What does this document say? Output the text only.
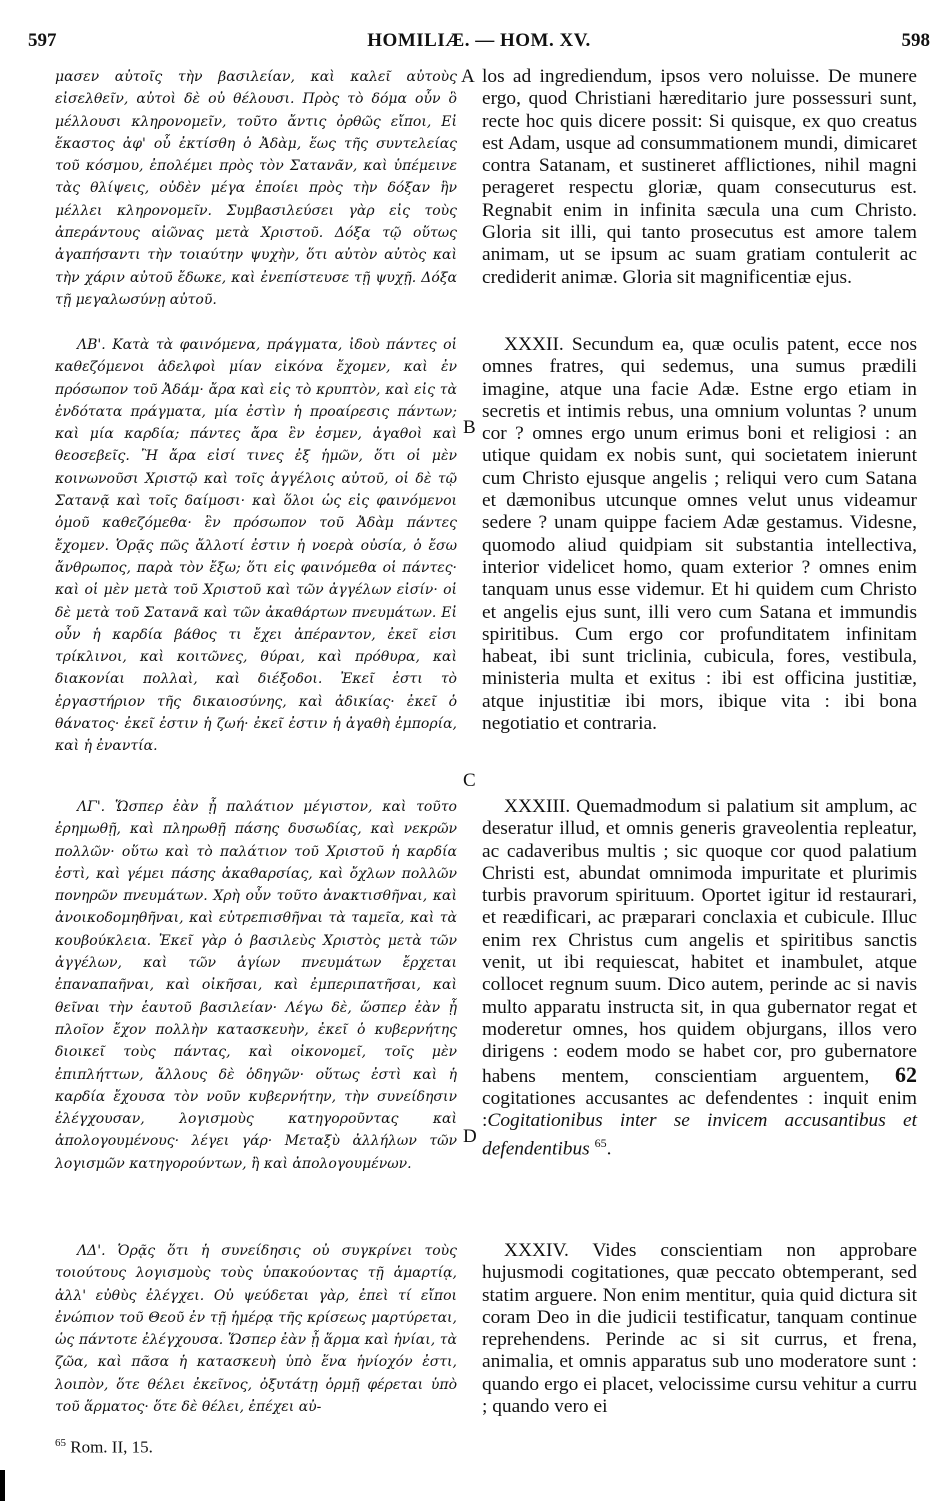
597	HOMILIÆ. — HOM. XV.	598

μασεν αὐτοῖς τὴν βασιλείαν, καὶ καλεῖ αὐτοὺς εἰσελθεῖν, αὐτοὶ δὲ οὐ θέλουσι. Πρὸς τὸ δόμα οὖν ὃ μέλλουσι κληρονομεῖν, τοῦτο ἄντις ὀρθῶς εἴποι, Εἰ ἕκαστος ἀφ' οὗ ἐκτίσθη ὁ Ἀδὰμ, ἕως τῆς συντελείας τοῦ κόσμου, ἐπολέμει πρὸς τὸν Σατανᾶν, καὶ ὑπέμεινε τὰς θλίψεις, οὐδὲν μέγα ἐποίει πρὸς τὴν δόξαν ἣν μέλλει κληρονομεῖν. Συμβασιλεύσει γὰρ εἰς τοὺς ἀπεράντους αἰῶνας μετὰ Χριστοῦ. Δόξα τῷ οὕτως ἀγαπήσαντι τὴν τοιαύτην ψυχὴν, ὅτι αὐτὸν αὐτὸς καὶ τὴν χάριν αὐτοῦ ἔδωκε, καὶ ἐνεπίστευσε τῇ ψυχῇ. Δόξα τῇ μεγαλωσύνῃ αὐτοῦ.

ΛΒ'. Κατὰ τὰ φαινόμενα, πράγματα, ἰδοὺ πάντες οἱ καθεζόμενοι ἀδελφοὶ μίαν εἰκόνα ἔχομεν, καὶ ἐν πρόσωπον τοῦ Ἀδάμ· ἄρα καὶ εἰς τὸ κρυπτὸν, καὶ εἰς τὰ ἐνδότατα πράγματα, μία ἐστὶν ἡ προαίρεσις πάντων; καὶ μία καρδία; πάντες ἄρα ἓν ἐσμεν, ἀγαθοὶ καὶ θεοσεβεῖς. Ἢ ἄρα εἰσί τινες ἐξ ἡμῶν, ὅτι οἱ μὲν κοινωνοῦσι Χριστῷ καὶ τοῖς ἀγγέλοις αὐτοῦ, οἱ δὲ τῷ Σατανᾷ καὶ τοῖς δαίμοσι· καὶ ὅλοι ὡς εἰς φαινόμενοι ὁμοῦ καθεζόμεθα· ἓν πρόσωπον τοῦ Ἀδὰμ πάντες ἔχομεν. Ὁρᾷς πῶς ἄλλοτί ἐστιν ἡ νοερὰ οὐσία, ὁ ἔσω ἄνθρωπος, παρὰ τὸν ἔξω; ὅτι εἰς φαινόμεθα οἱ πάντες· καὶ οἱ μὲν μετὰ τοῦ Χριστοῦ καὶ τῶν ἀγγέλων εἰσίν· οἱ δὲ μετὰ τοῦ Σατανᾶ καὶ τῶν ἀκαθάρτων πνευμάτων. Εἰ οὖν ἡ καρδία βάθος τι ἔχει ἀπέραντον, ἐκεῖ εἰσι τρίκλινοι, καὶ κοιτῶνες, θύραι, καὶ πρόθυρα, καὶ διακονίαι πολλαὶ, καὶ διέξοδοι. Ἐκεῖ ἐστι τὸ ἐργαστήριον τῆς δικαιοσύνης, καὶ ἀδικίας· ἐκεῖ ὁ θάνατος· ἐκεῖ ἐστιν ἡ ζωή· ἐκεῖ ἐστιν ἡ ἀγαθὴ ἐμπορία, καὶ ἡ ἐναντία.

ΛΓ'. Ὥσπερ ἐὰν ᾖ παλάτιον μέγιστον, καὶ τοῦτο ἐρημωθῇ, καὶ πληρωθῇ πάσης δυσωδίας, καὶ νεκρῶν πολλῶν· οὕτω καὶ τὸ παλάτιον τοῦ Χριστοῦ ἡ καρδία ἐστὶ, καὶ γέμει πάσης ἀκαθαρσίας, καὶ ὄχλων πολλῶν πονηρῶν πνευμάτων. Χρὴ οὖν τοῦτο ἀνακτισθῆναι, καὶ ἀνοικοδομηθῆναι, καὶ εὐτρεπισθῆναι τὰ ταμεῖα, καὶ τὰ κουβούκλεια. Ἐκεῖ γὰρ ὁ βασιλεὺς Χριστὸς μετὰ τῶν ἀγγέλων, καὶ τῶν ἁγίων πνευμάτων ἔρχεται ἐπαναπαῆναι, καὶ οἰκῆσαι, καὶ ἐμπεριπατῆσαι, καὶ θεῖναι τὴν ἑαυτοῦ βασιλείαν· Λέγω δὲ, ὥσπερ ἐὰν ᾖ πλοῖον ἔχον πολλὴν κατασκευὴν, ἐκεῖ ὁ κυβερνήτης διοικεῖ τοὺς πάντας, καὶ οἰκονομεῖ, τοῖς μὲν ἐπιπλήττων, ἄλλους δὲ ὁδηγῶν· οὕτως ἐστὶ καὶ ἡ καρδία ἔχουσα τὸν νοῦν κυβερνήτην, τὴν συνείδησιν ἐλέγχουσαν, λογισμοὺς κατηγοροῦντας καὶ ἀπολογουμένους· λέγει γάρ· Μεταξὺ ἀλλήλων τῶν λογισμῶν κατηγορούντων, ἢ καὶ ἀπολογουμένων.

ΛΔ'. Ὁρᾷς ὅτι ἡ συνείδησις οὐ συγκρίνει τοὺς τοιούτους λογισμοὺς τοὺς ὑπακούοντας τῇ ἁμαρτίᾳ, ἀλλ' εὐθὺς ἐλέγχει. Οὐ ψεύδεται γὰρ, ἐπεὶ τί εἴποι ἐνώπιον τοῦ Θεοῦ ἐν τῇ ἡμέρᾳ τῆς κρίσεως μαρτύρεται, ὡς πάντοτε ἐλέγχουσα. Ὥσπερ ἐὰν ᾖ ἅρμα καὶ ἡνίαι, τὰ ζῶα, καὶ πᾶσα ἡ κατασκευὴ ὑπὸ ἕνα ἡνίοχόν ἐστι, λοιπὸν, ὅτε θέλει ἐκεῖνος, ὀξυτάτῃ ὁρμῇ φέρεται ὑπὸ τοῦ ἅρματος· ὅτε δὲ θέλει, ἐπέχει αὐ-

A
B
C
D

los ad ingrediendum, ipsos vero noluisse. De munere ergo, quod Christiani hæreditario jure possessuri sunt, recte hoc quis dicere possit: Si quisque, ex quo creatus est Adam, usque ad consummationem mundi, dimicaret contra Satanam, et sustineret afflictiones, nihil magni perageret respectu gloriæ, quam consecuturus est. Regnabit enim in infinita sæcula una cum Christo. Gloria sit illi, qui tanto prosecutus est amore talem animam, ut se ipsum ac suam gratiam contulerit ac crediderit animæ. Gloria sit magnificentiæ ejus.

XXXII. Secundum ea, quæ oculis patent, ecce nos omnes fratres, qui sedemus, una sumus prædili imagine, atque una facie Adæ. Estne ergo etiam in secretis et intimis rebus, una omnium voluntas ? unum cor ? omnes ergo unum erimus boni et religiosi : an utique quidam ex nobis sunt, qui societatem inierunt cum Christo ejusque angelis ; reliqui vero cum Satana et dæmonibus utcunque omnes velut unus videamur sedere ? unam quippe faciem Adæ gestamus. Videsne, quomodo aliud quidpiam sit substantia intellectiva, interior videlicet homo, quam exterior ? omnes enim tanquam unus esse videmur. Et hi quidem cum Christo et angelis ejus sunt, illi vero cum Satana et immundis spiritibus. Cum ergo cor profunditatem infinitam habeat, ibi sunt triclinia, cubicula, fores, vestibula, ministeria multa et exitus : ibi est officina justitiæ, atque injustitiæ ibi mors, ibique vita : ibi bona negotiatio et contraria.

XXXIII. Quemadmodum si palatium sit amplum, ac deseratur illud, et omnis generis graveolentia repleatur, ac cadaveribus multis ; sic quoque cor quod palatium Christi est, abundat omnimoda impuritate et plurimis turbis pravorum spirituum. Oportet igitur id restaurari, et reædificari, ac præparari conclaxia et cubicule. Illuc enim rex Christus cum angelis et spiritibus sanctis venit, ut ibi requiescat, habitet et inambulet, atque collocet regnum suum. Dico autem, perinde ac si navis multo apparatu instructa sit, in qua gubernator regat et moderetur omnes, hos quidem objurgans, illos vero dirigens : eodem modo se habet cor, pro gubernatore habens mentem, conscientiam arguentem, 62 cogitationes accusantes ac defendentes : inquit enim :Cogitationibus inter se invicem accusantibus et defendentibus $^{65}$.

XXXIV. Vides conscientiam non approbare hujusmodi cogitationes, quæ peccato obtemperant, sed statim arguere. Non enim mentitur, quia quid dictura sit coram Deo in die judicii testificatur, tanquam continue reprehendens. Perinde ac si sit currus, et frena, animalia, et omnis apparatus sub uno moderatore sunt : quando ergo ei placet, velocissime cursu vehitur a curru ; quando vero ei

$^{65}$ Rom. II, 15.
